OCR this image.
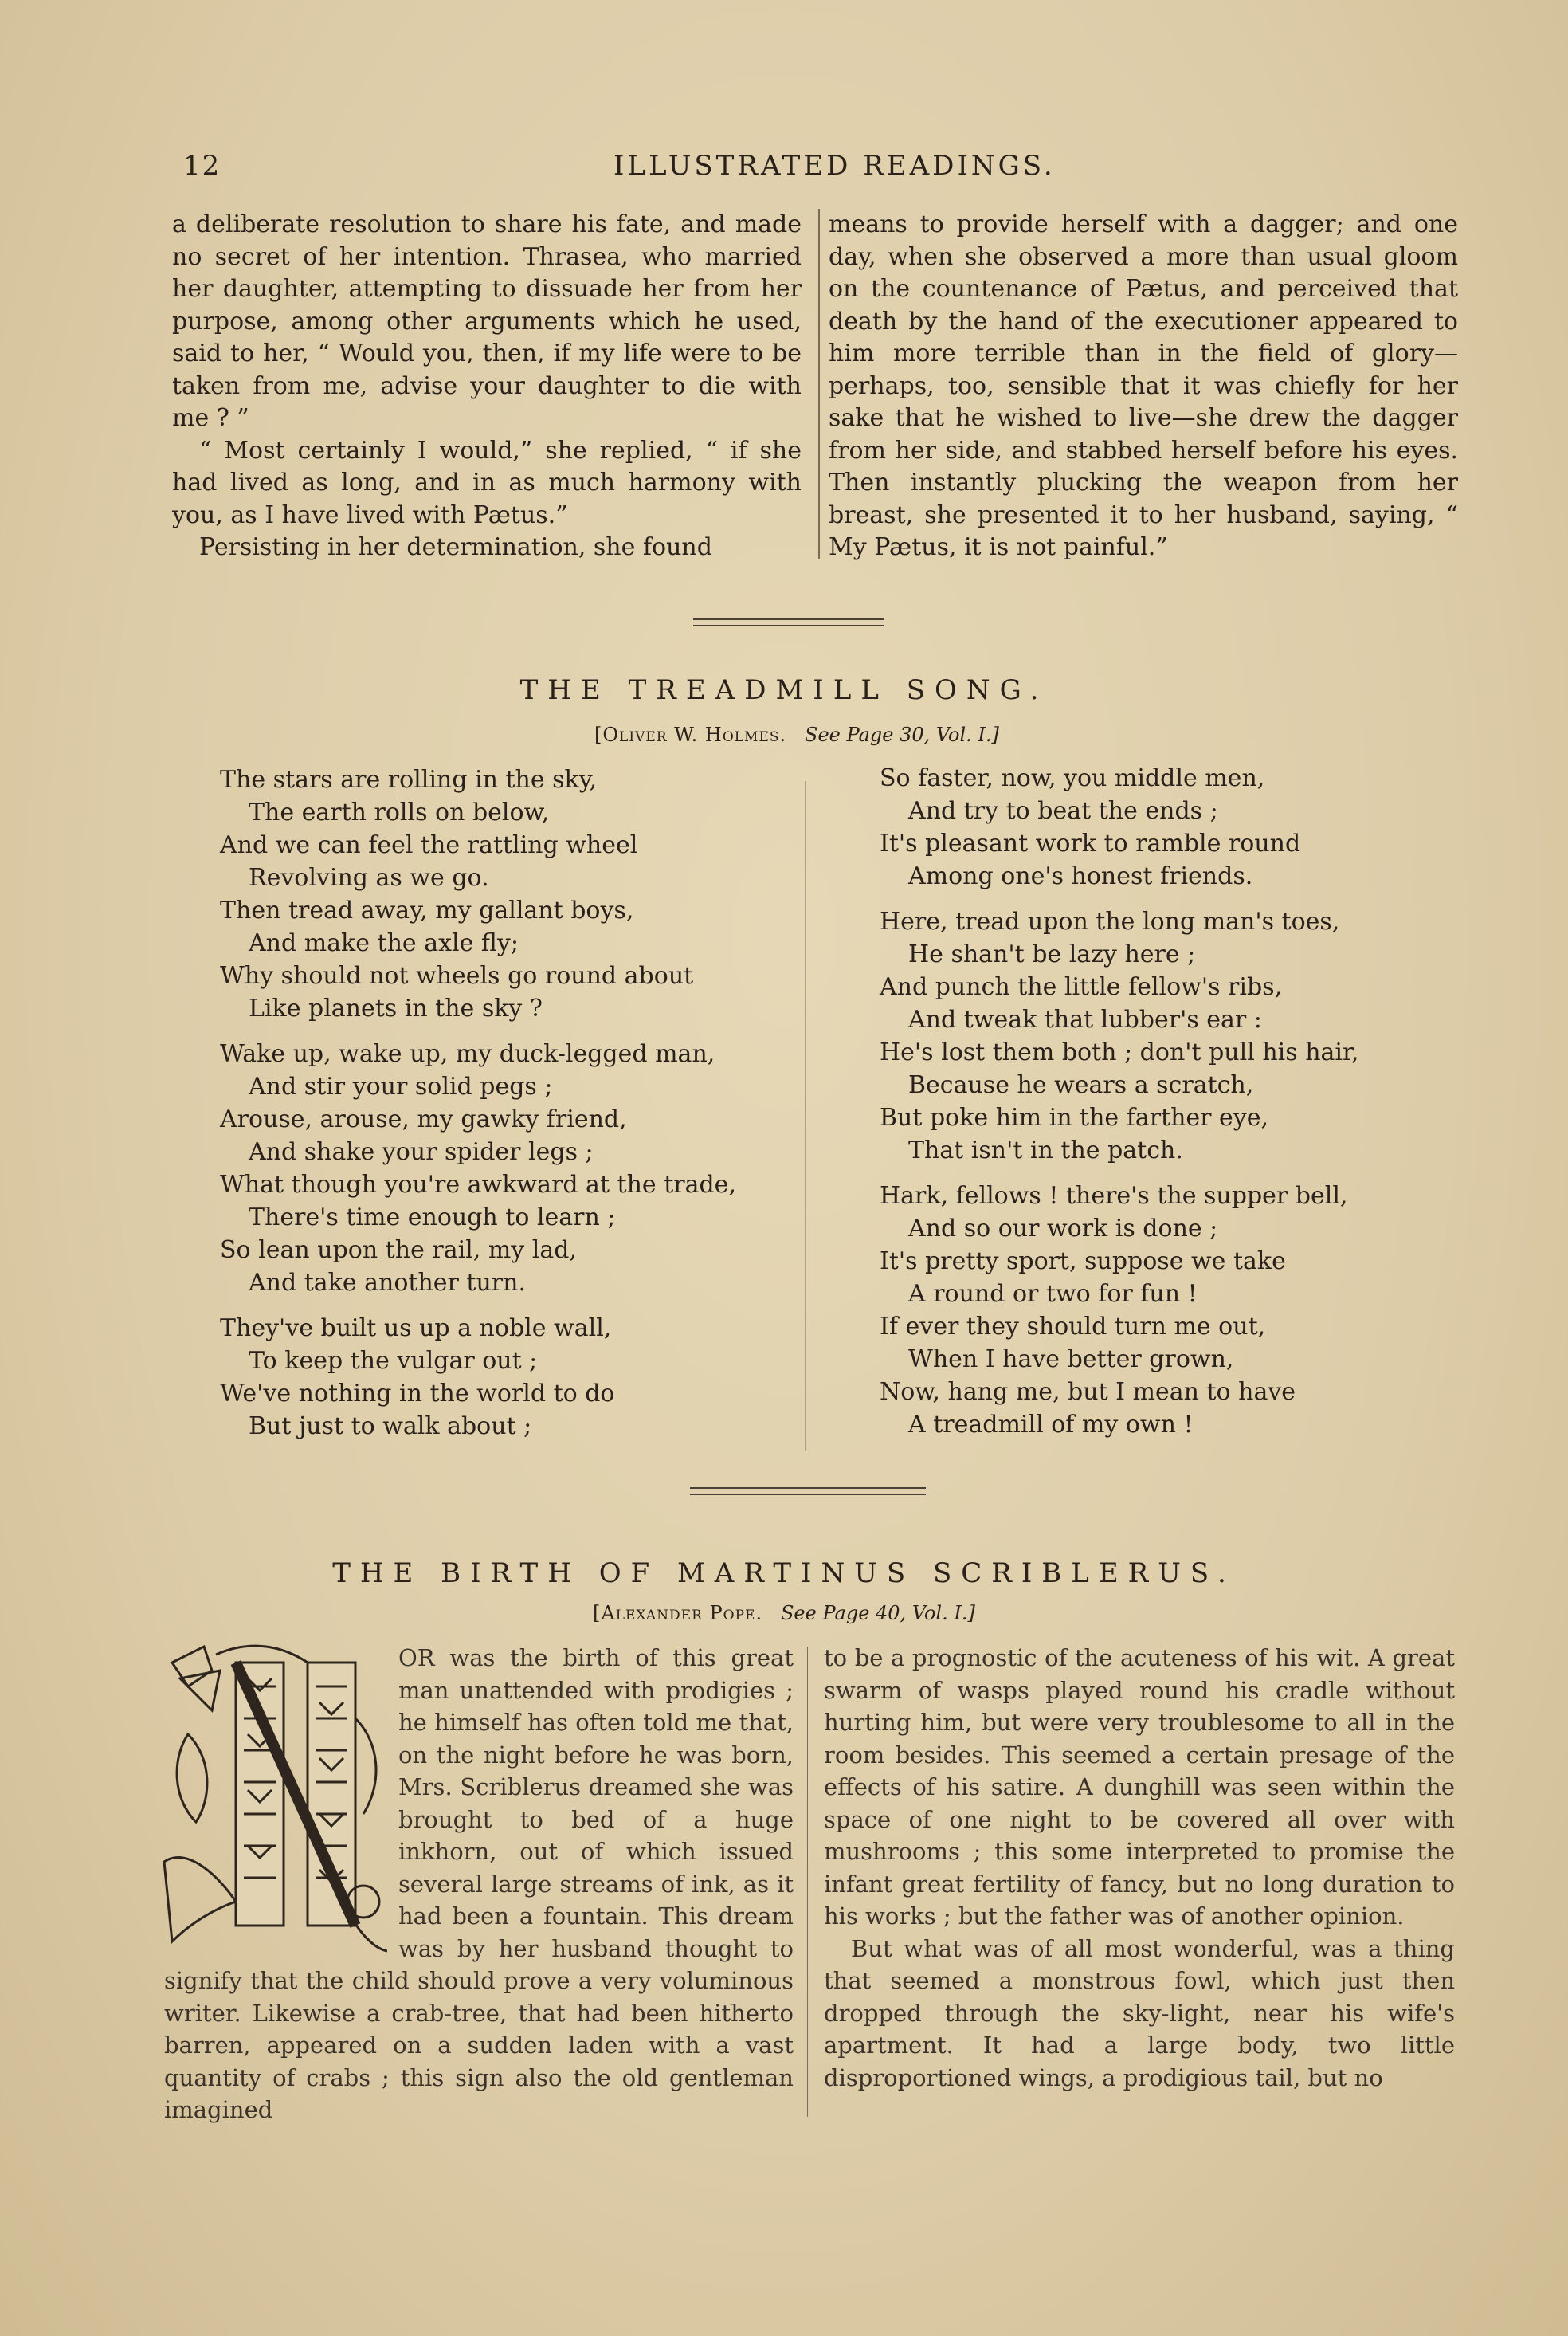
12	ILLUSTRATED READINGS.

a deliberate resolution to share his fate, and made no secret of her intention. Thrasea, who married her daughter, attempting to dissuade her from her purpose, among other arguments which he used, said to her, “ Would you, then, if my life were to be taken from me, advise your daughter to die with me ? ”

“ Most certainly I would,” she replied, “ if she had lived as long, and in as much harmony with you, as I have lived with Pætus.”

Persisting in her determination, she found

means to provide herself with a dagger; and one day, when she observed a more than usual gloom on the countenance of Pætus, and perceived that death by the hand of the executioner appeared to him more terrible than in the field of glory—perhaps, too, sensible that it was chiefly for her sake that he wished to live—she drew the dagger from her side, and stabbed herself before his eyes. Then instantly plucking the weapon from her breast, she presented it to her husband, saying, “ My Pætus, it is not painful.”

THE TREADMILL SONG.
[Oliver W. Holmes. See Page 30, Vol. I.]
The stars are rolling in the sky,
The earth rolls on below,
And we can feel the rattling wheel
Revolving as we go.
Then tread away, my gallant boys,
And make the axle fly;
Why should not wheels go round about
Like planets in the sky ?
Wake up, wake up, my duck-legged man,
And stir your solid pegs ;
Arouse, arouse, my gawky friend,
And shake your spider legs ;
What though you're awkward at the trade,
There's time enough to learn ;
So lean upon the rail, my lad,
And take another turn.
They've built us up a noble wall,
To keep the vulgar out ;
We've nothing in the world to do
But just to walk about ;
So faster, now, you middle men,
And try to beat the ends ;
It's pleasant work to ramble round
Among one's honest friends.
Here, tread upon the long man's toes,
He shan't be lazy here ;
And punch the little fellow's ribs,
And tweak that lubber's ear :
He's lost them both ; don't pull his hair,
Because he wears a scratch,
But poke him in the farther eye,
That isn't in the patch.
Hark, fellows ! there's the supper bell,
And so our work is done ;
It's pretty sport, suppose we take
A round or two for fun !
If ever they should turn me out,
When I have better grown,
Now, hang me, but I mean to have
A treadmill of my own !
THE BIRTH OF MARTINUS SCRIBLERUS.
[Alexander Pope. See Page 40, Vol. I.]

OR was the birth of this great man unattended with prodigies ; he himself has often told me that, on the night before he was born, Mrs. Scriblerus dreamed she was brought to bed of a huge inkhorn, out of which issued several large streams of ink, as it had been a fountain. This dream was by her husband thought to signify that the child should prove a very voluminous writer. Likewise a crab-tree, that had been hitherto barren, appeared on a sudden laden with a vast quantity of crabs ; this sign also the old gentleman imagined

to be a prognostic of the acuteness of his wit. A great swarm of wasps played round his cradle without hurting him, but were very troublesome to all in the room besides. This seemed a certain presage of the effects of his satire. A dunghill was seen within the space of one night to be covered all over with mushrooms ; this some interpreted to promise the infant great fertility of fancy, but no long duration to his works ; but the father was of another opinion.

But what was of all most wonderful, was a thing that seemed a monstrous fowl, which just then dropped through the sky-light, near his wife's apartment. It had a large body, two little disproportioned wings, a prodigious tail, but no
